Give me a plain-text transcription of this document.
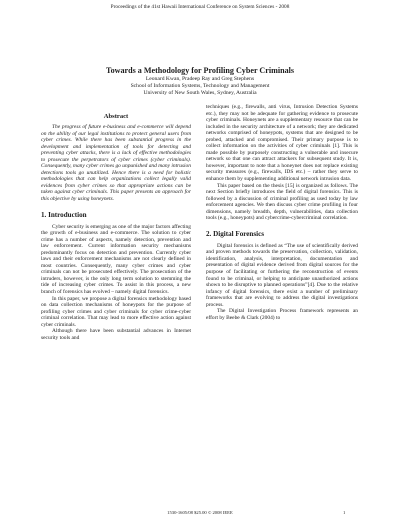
Proceedings of the 41st Hawaii International Conference on System Sciences - 2008
Towards a Methodology for Profiling Cyber Criminals
Leonard Kwan, Pradeep Ray and Greg Stephens
School of Information Systems, Technology and Management
University of New South Wales, Sydney, Australia
Abstract

The progress of future e-business and e-commerce will depend on the ability of our legal institutions to protect general users from cyber crimes. While there has been substantial progress in the development and implementation of tools for detecting and preventing cyber attacks, there is a lack of effective methodologies to prosecute the perpetrators of cyber crimes (cyber criminals). Consequently, many cyber crimes go unpunished and many intrusion detections tools go unutilized. Hence there is a need for holistic methodologies that can help organizations collect legally valid evidences from cyber crimes so that appropriate actions can be taken against cyber criminals. This paper presents an approach for this objective by using honeynets.

1. Introduction

Cyber security is emerging as one of the major factors affecting the growth of e-business and e-commerce. The solution to cyber crime has a number of aspects, namely detection, prevention and law enforcement. Current information security mechanisms predominantly focus on detection and prevention. Currently cyber laws and their enforcement mechanisms are not clearly defined in most countries. Consequently, many cyber crimes and cyber criminals can not be prosecuted effectively. The prosecution of the intruders, however, is the only long term solution to stemming the tide of increasing cyber crimes. To assist in this process, a new branch of forensics has evolved – namely digital forensics.

In this paper, we propose a digital forensics methodology based on data collection mechanisms of honeypots for the purpose of profiling cyber crimes and cyber criminals for cyber crime-cyber criminal correlation. That may lead to more effective action against cyber criminals.

Although there have been substantial advances in Internet security tools and

techniques (e.g., firewalls, anti virus, Intrusion Detection Systems etc.), they may not be adequate for gathering evidence to prosecute cyber criminals. Honeynets are a supplementary resource that can be included in the security architecture of a network; they are dedicated networks comprised of honeypots, systems that are designed to be probed, attacked and compromised. Their primary purpose is to collect information on the activities of cyber criminals [1]. This is made possible by purposely constructing a vulnerable and insecure network so that one can attract attackers for subsequent study. It is, however, important to note that a honeynet does not replace existing security measures (e.g., firewalls, IDS etc.) – rather they serve to enhance them by supplementing additional network intrusion data.

This paper based on the thesis [15] is organized as follows. The next Section briefly introduces the field of digital forensics. This is followed by a discussion of criminal profiling as used today by law enforcement agencies. We then discuss cyber crime profiling in four dimensions, namely breadth, depth, vulnerabilities, data collection tools (e.g., honeypots) and cybercrime-cybercriminal correlation.

2. Digital Forensics

Digital forensics is defined as “The use of scientifically derived and proven methods towards the preservation, collection, validation, identification, analysis, interpretation, documentation and presentation of digital evidence derived from digital sources for the purpose of facilitating or furthering the reconstruction of events found to be criminal, or helping to anticipate unauthorized actions shown to be disruptive to planned operations”[4]. Due to the relative infancy of digital forensics, there exist a number of preliminary frameworks that are evolving to address the digital investigations process.

The Digital Investigation Process framework represents an effort by Beebe & Clark (2004) to

1530-1605/08 $25.00 © 2008 IEEE	1
